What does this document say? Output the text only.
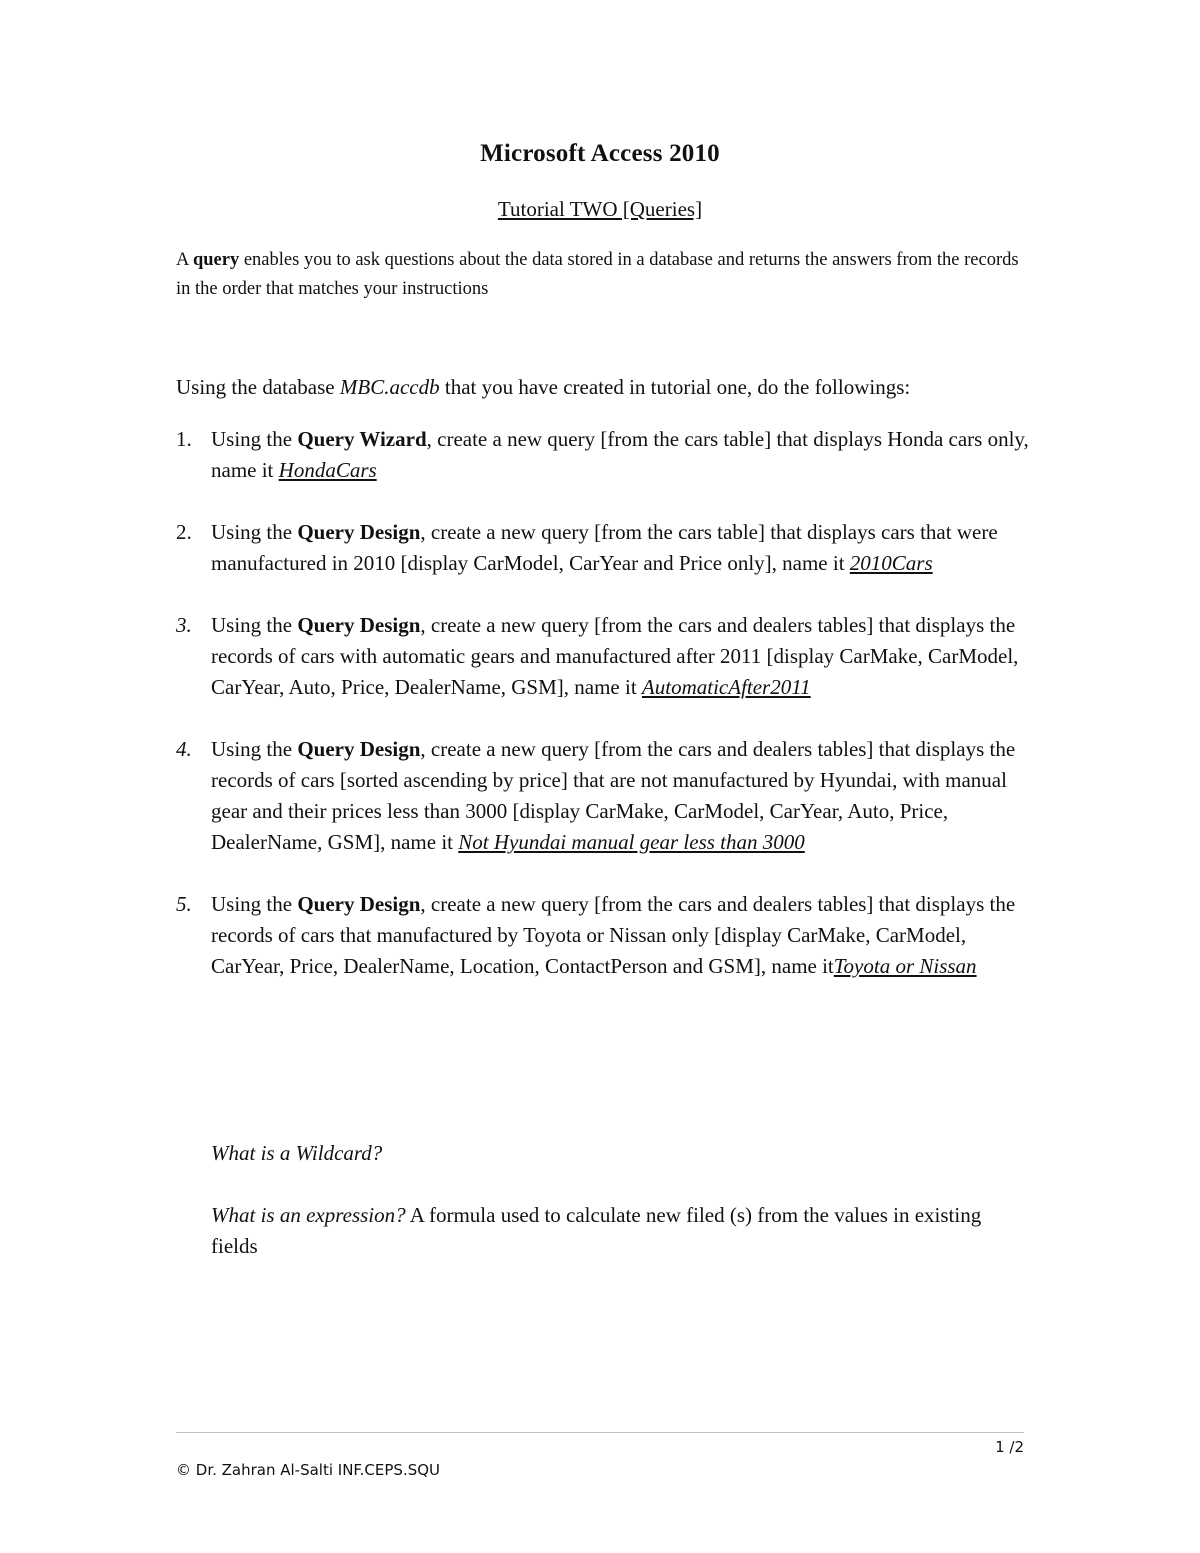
Microsoft Access 2010
Tutorial TWO [Queries]
A query enables you to ask questions about the data stored in a database and returns the answers from the records in the order that matches your instructions
Using the database MBC.accdb that you have created in tutorial one, do the followings:
1. Using the Query Wizard, create a new query [from the cars table] that displays Honda cars only, name it HondaCars
2. Using the Query Design, create a new query [from the cars table] that displays cars that were manufactured in 2010 [display CarModel, CarYear and Price only], name it 2010Cars
3. Using the Query Design, create a new query [from the cars and dealers tables] that displays the records of cars with automatic gears and manufactured after 2011 [display CarMake, CarModel, CarYear, Auto, Price, DealerName, GSM], name it AutomaticAfter2011
4. Using the Query Design, create a new query [from the cars and dealers tables] that displays the records of cars [sorted ascending by price] that are not manufactured by Hyundai, with manual gear and their prices less than 3000 [display CarMake, CarModel, CarYear, Auto, Price, DealerName, GSM], name it Not Hyundai manual gear less than 3000
5. Using the Query Design, create a new query [from the cars and dealers tables] that displays the records of cars that manufactured by Toyota or Nissan only [display CarMake, CarModel, CarYear, Price, DealerName, Location, ContactPerson and GSM], name itToyota or Nissan

What is a Wildcard?

What is an expression? A formula used to calculate new filed (s) from the values in existing fields

1 /2
© Dr. Zahran Al-Salti INF.CEPS.SQU
